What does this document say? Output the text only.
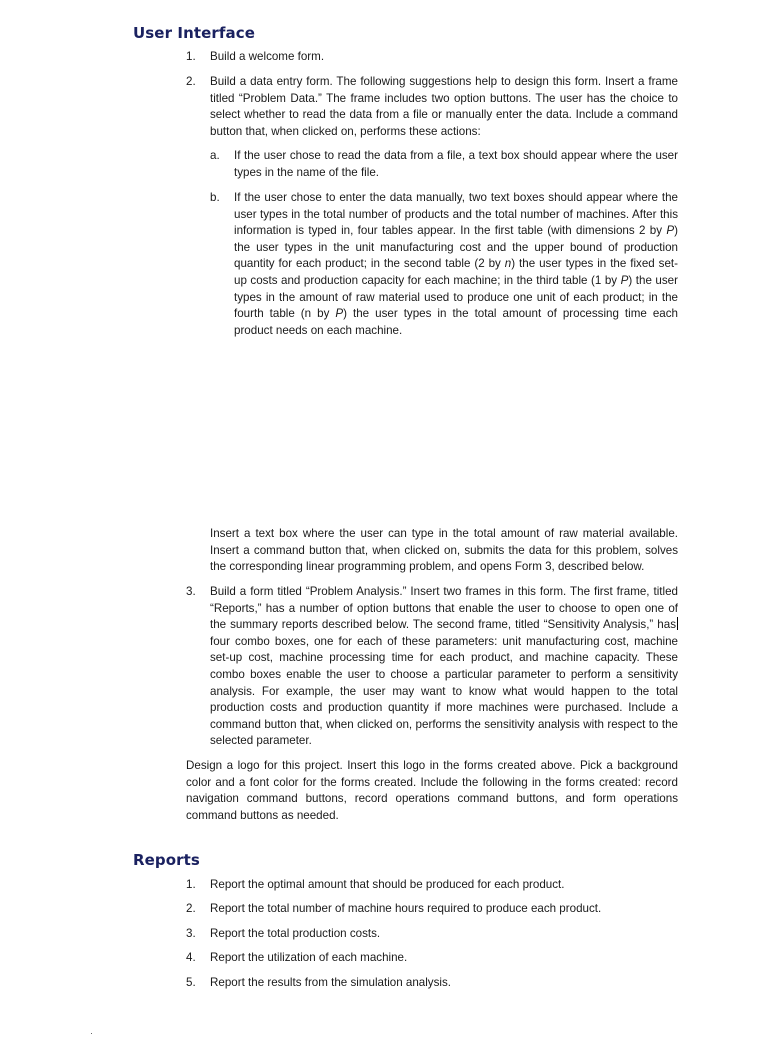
User Interface
1. Build a welcome form.

2. Build a data entry form. The following suggestions help to design this form. Insert a frame titled “Problem Data.” The frame includes two option buttons. The user has the choice to select whether to read the data from a file or manually enter the data. Include a command button that, when clicked on, performs these actions:

a. If the user chose to read the data from a file, a text box should appear where the user types in the name of the file.

b. If the user chose to enter the data manually, two text boxes should appear where the user types in the total number of products and the total number of machines. After this information is typed in, four tables appear. In the first table (with dimensions 2 by P) the user types in the unit manufacturing cost and the upper bound of production quantity for each product; in the second table (2 by n) the user types in the fixed set-up costs and production capacity for each machine; in the third table (1 by P) the user types in the amount of raw material used to produce one unit of each product; in the fourth table (n by P) the user types in the total amount of processing time each product needs on each machine.

Insert a text box where the user can type in the total amount of raw material available. Insert a command button that, when clicked on, submits the data for this problem, solves the corresponding linear programming problem, and opens Form 3, described below.

3. Build a form titled “Problem Analysis.” Insert two frames in this form. The first frame, titled “Reports,” has a number of option buttons that enable the user to choose to open one of the summary reports described below. The second frame, titled “Sensitivity Analysis,” has four combo boxes, one for each of these parameters: unit manufacturing cost, machine set-up cost, machine processing time for each product, and machine capacity. These combo boxes enable the user to choose a particular parameter to perform a sensitivity analysis. For example, the user may want to know what would happen to the total production costs and production quantity if more machines were purchased. Include a command button that, when clicked on, performs the sensitivity analysis with respect to the selected parameter.

Design a logo for this project. Insert this logo in the forms created above. Pick a background color and a font color for the forms created. Include the following in the forms created: record navigation command buttons, record operations command buttons, and form operations command buttons as needed.

Reports
1. Report the optimal amount that should be produced for each product.

2. Report the total number of machine hours required to produce each product.

3. Report the total production costs.

4. Report the utilization of each machine.

5. Report the results from the simulation analysis.
